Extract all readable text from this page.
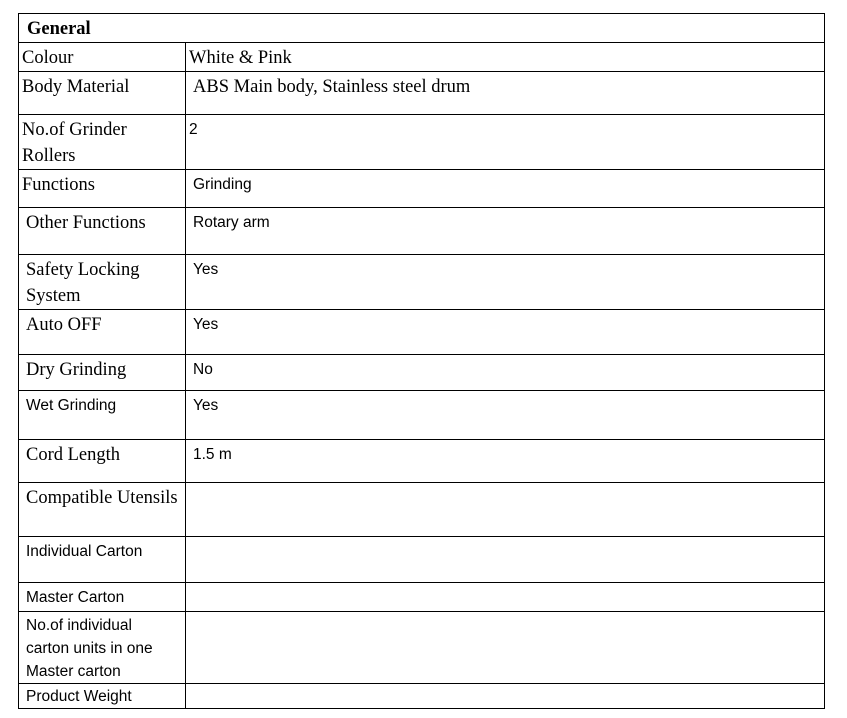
General	
Colour	White & Pink
Body Material	ABS Main body, Stainless steel drum
No.of Grinder Rollers	2
Functions	Grinding
Other Functions	Rotary arm
Safety Locking System	Yes
Auto OFF	Yes
Dry Grinding	No
Wet Grinding	Yes
Cord Length	1.5 m
Compatible Utensils	
Individual Carton	
Master Carton	
No.of individual carton units in one Master carton	
Product Weight	
